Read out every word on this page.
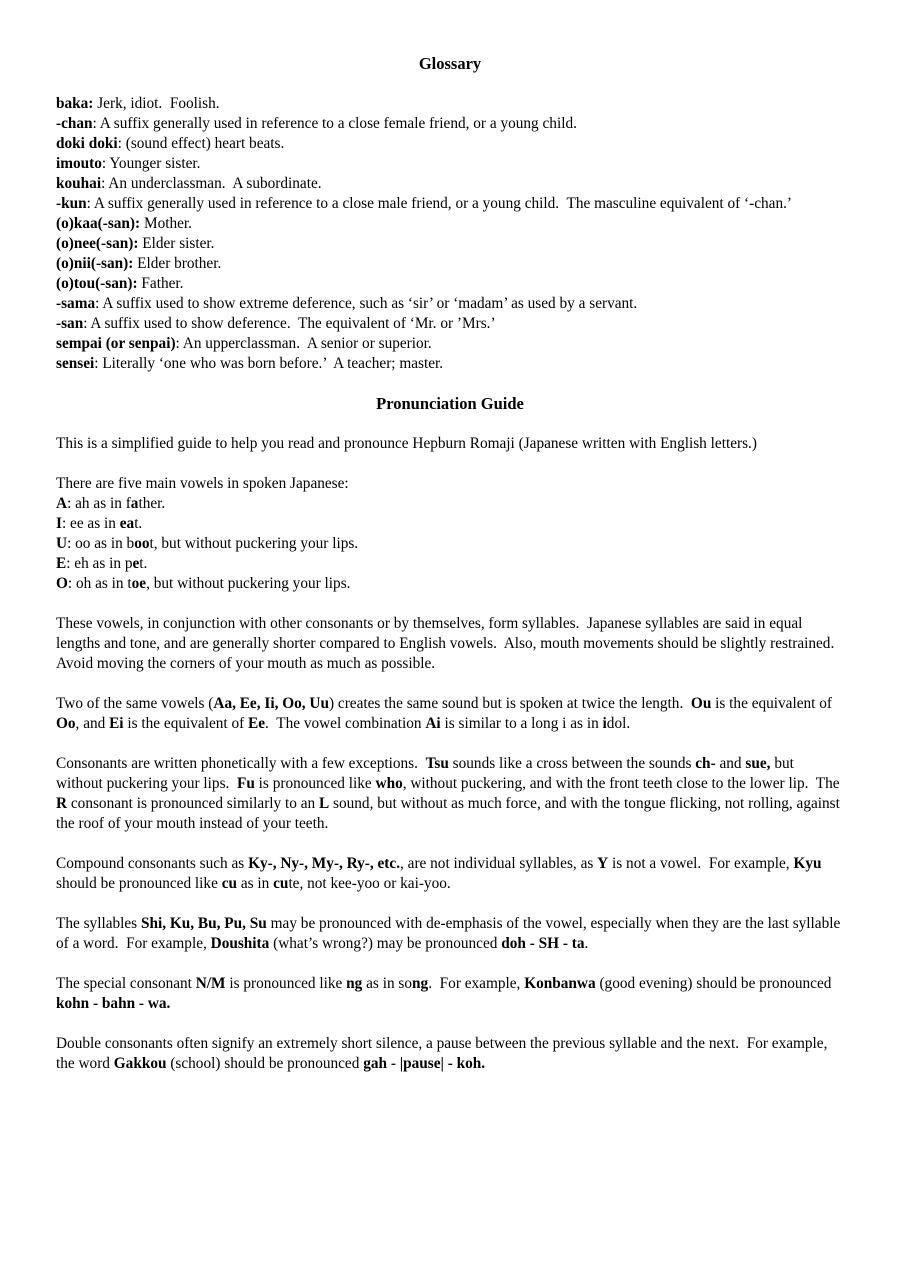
Glossary

baka: Jerk, idiot.  Foolish.

-chan: A suffix generally used in reference to a close female friend, or a young child.

doki doki: (sound effect) heart beats.

imouto: Younger sister.

kouhai: An underclassman.  A subordinate.

-kun: A suffix generally used in reference to a close male friend, or a young child.  The masculine equivalent of ‘-chan.’

(o)kaa(-san): Mother.

(o)nee(-san): Elder sister.

(o)nii(-san): Elder brother.

(o)tou(-san): Father.

-sama: A suffix used to show extreme deference, such as ‘sir’ or ‘madam’ as used by a servant.

-san: A suffix used to show deference.  The equivalent of ‘Mr. or ’Mrs.’

sempai (or senpai): An upperclassman.  A senior or superior.

sensei: Literally ‘one who was born before.’  A teacher; master.

Pronunciation Guide

This is a simplified guide to help you read and pronounce Hepburn Romaji (Japanese written with English letters.)

There are five main vowels in spoken Japanese:

A: ah as in father.

I: ee as in eat.

U: oo as in boot, but without puckering your lips.

E: eh as in pet.

O: oh as in toe, but without puckering your lips.

These vowels, in conjunction with other consonants or by themselves, form syllables.  Japanese syllables are said in equal lengths and tone, and are generally shorter compared to English vowels.  Also, mouth movements should be slightly restrained.  Avoid moving the corners of your mouth as much as possible.

Two of the same vowels (Aa, Ee, Ii, Oo, Uu) creates the same sound but is spoken at twice the length.  Ou is the equivalent of Oo, and Ei is the equivalent of Ee.  The vowel combination Ai is similar to a long i as in idol.

Consonants are written phonetically with a few exceptions.  Tsu sounds like a cross between the sounds ch- and sue, but without puckering your lips.  Fu is pronounced like who, without puckering, and with the front teeth close to the lower lip.  The R consonant is pronounced similarly to an L sound, but without as much force, and with the tongue flicking, not rolling, against the roof of your mouth instead of your teeth.

Compound consonants such as Ky-, Ny-, My-, Ry-, etc., are not individual syllables, as Y is not a vowel.  For example, Kyu should be pronounced like cu as in cute, not kee-yoo or kai-yoo.

The syllables Shi, Ku, Bu, Pu, Su may be pronounced with de-emphasis of the vowel, especially when they are the last syllable of a word.  For example, Doushita (what’s wrong?) may be pronounced doh - SH - ta.

The special consonant N/M is pronounced like ng as in song.  For example, Konbanwa (good evening) should be pronounced kohn - bahn - wa.

Double consonants often signify an extremely short silence, a pause between the previous syllable and the next.  For example, the word Gakkou (school) should be pronounced gah - |pause| - koh.
